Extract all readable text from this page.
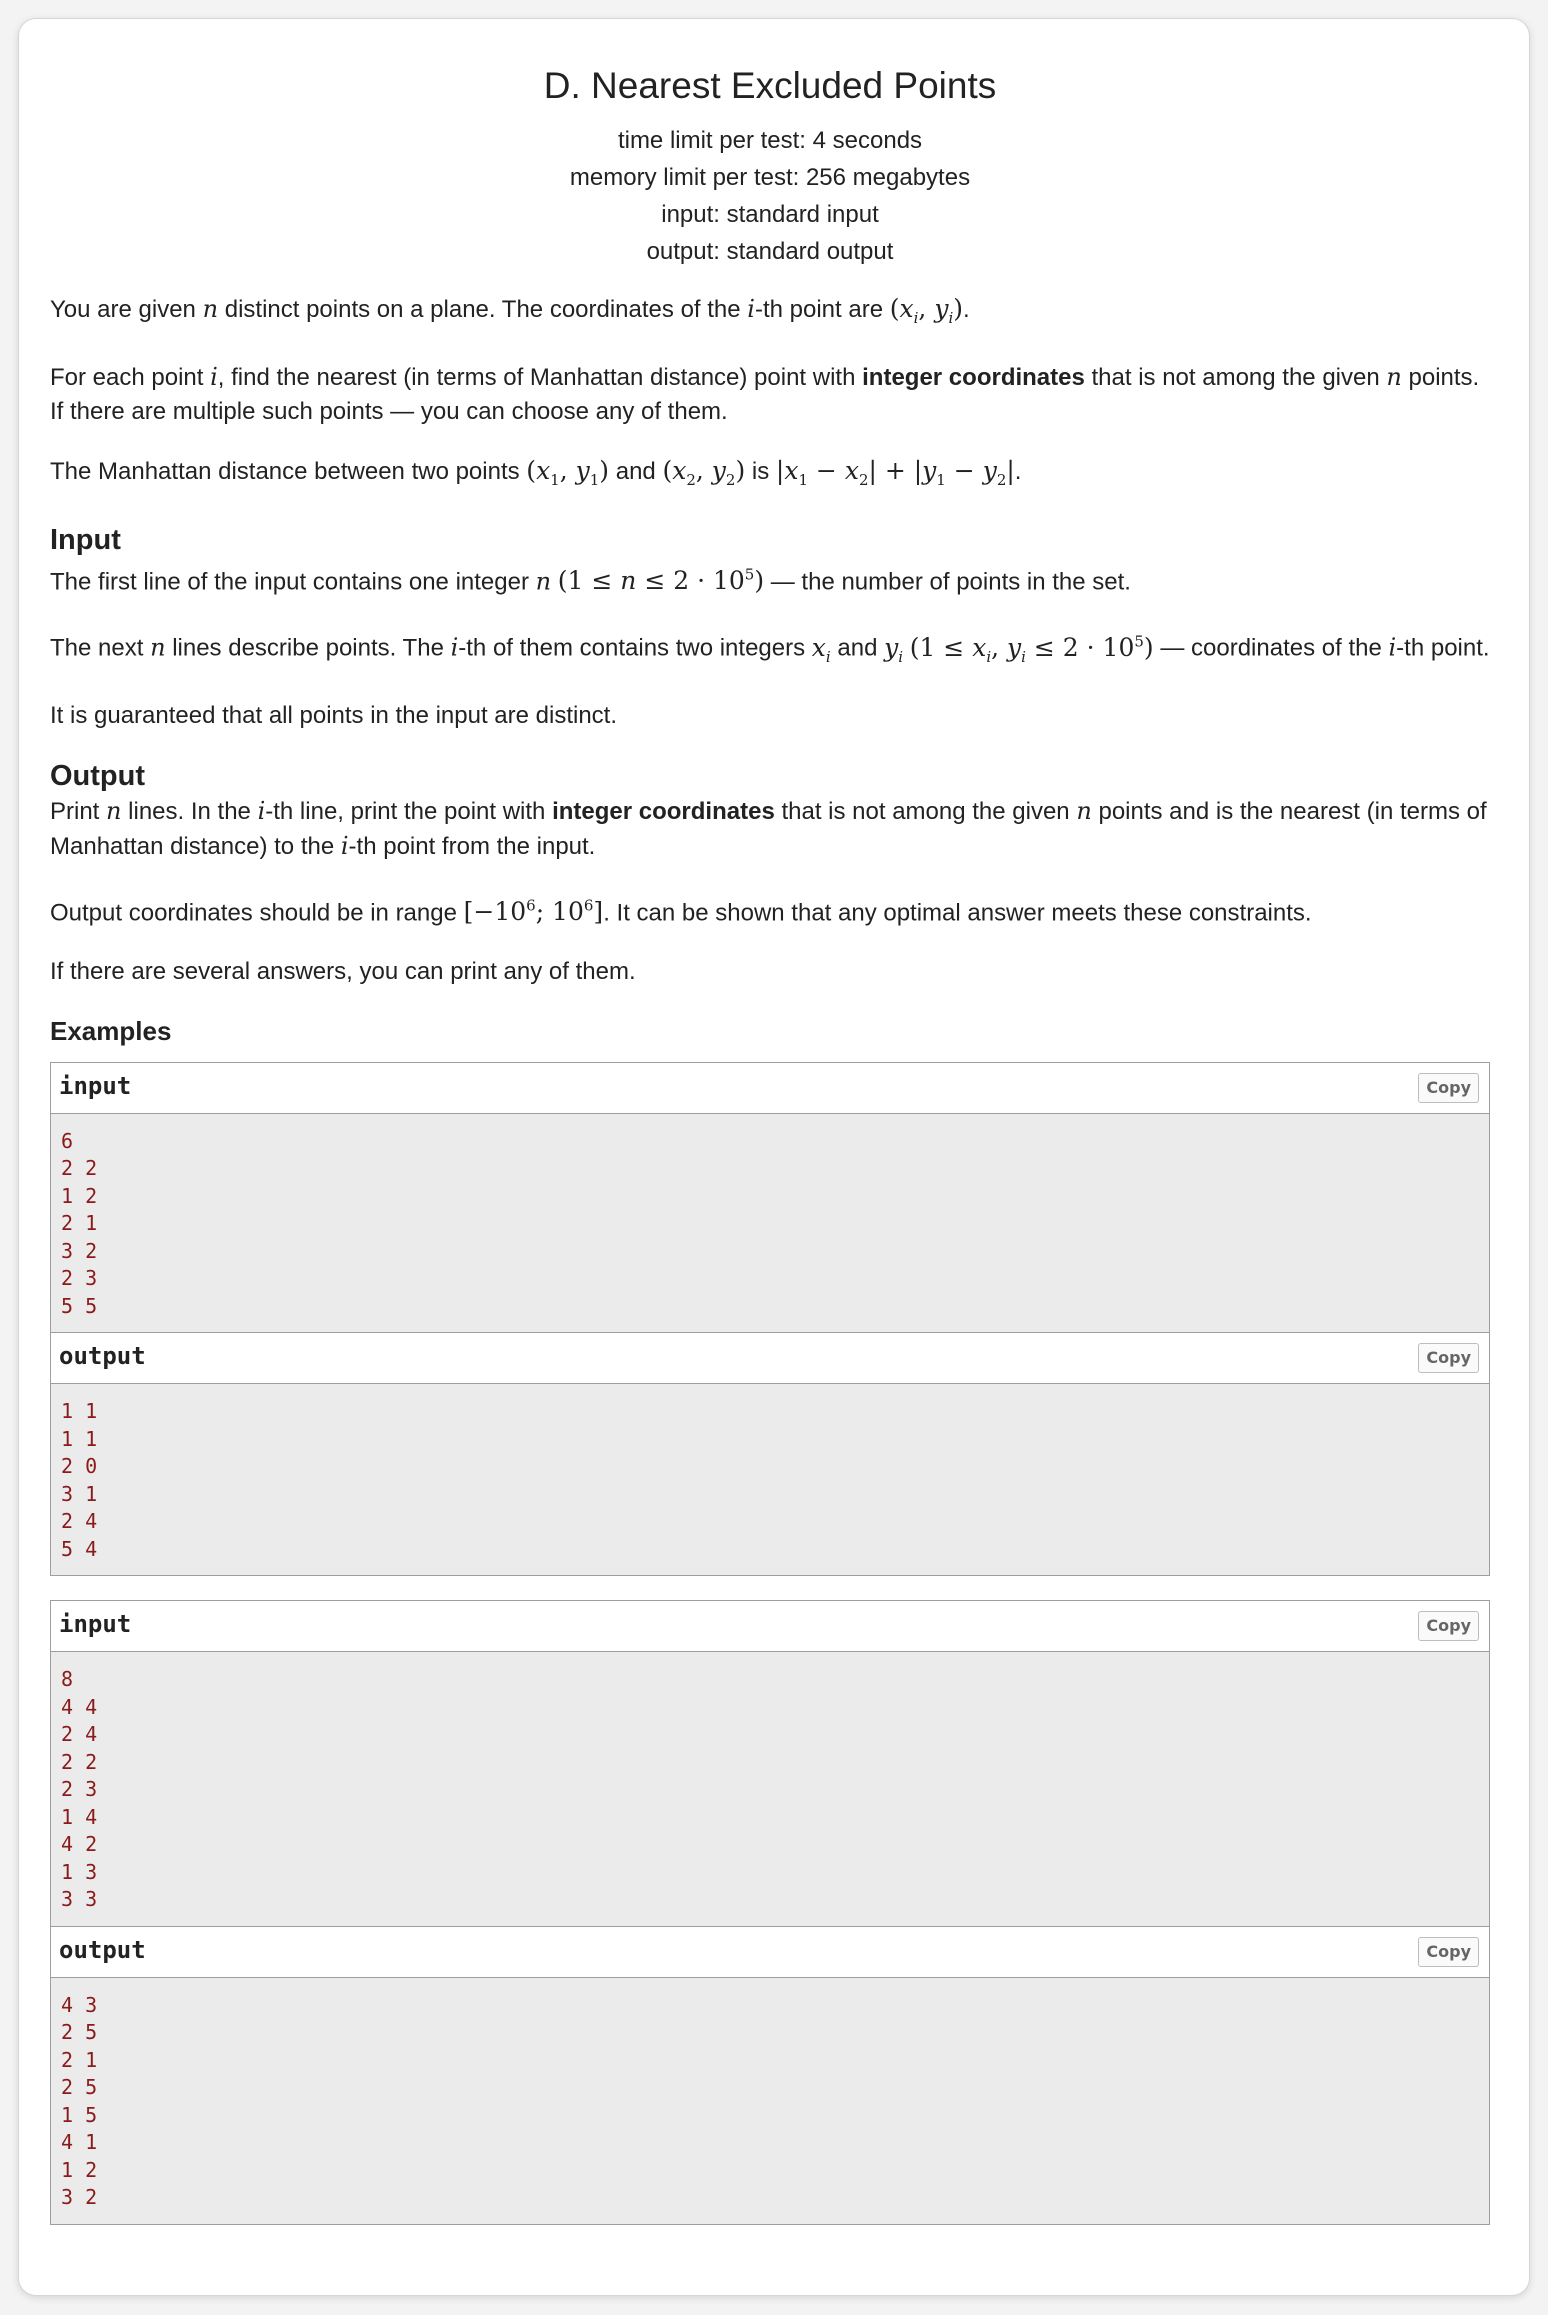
D. Nearest Excluded Points
time limit per test: 4 seconds
memory limit per test: 256 megabytes
input: standard input
output: standard output

You are given n distinct points on a plane. The coordinates of the i-th point are ($x_i$, $y_i$).

For each point i, find the nearest (in terms of Manhattan distance) point with integer coordinates that is not among the given n points. If there are multiple such points — you can choose any of them.

The Manhattan distance between two points ($x_1$, $y_1$) and ($x_2$, $y_2$) is $|x_1 - x_2| + |y_1 - y_2|$.

Input

The first line of the input contains one integer n $(1 \le n \le 2 \cdot 10^5)$ — the number of points in the set.

The next n lines describe points. The i-th of them contains two integers $x_i$ and $y_i$ ($1 \le x_i$, $y_i \le 2 \cdot 10^5$) — coordinates of the i-th point.

It is guaranteed that all points in the input are distinct.

Output

Print n lines. In the i-th line, print the point with integer coordinates that is not among the given n points and is the nearest (in terms of Manhattan distance) to the i-th point from the input.

Output coordinates should be in range [$-10^6$; $10^6$]. It can be shown that any optimal answer meets these constraints.

If there are several answers, you can print any of them.

Examples
input	Copy
6
2 2
1 2
2 1
3 2
2 3
5 5
output	Copy
1 1
1 1
2 0
3 1
2 4
5 4
input	Copy
8
4 4
2 4
2 2
2 3
1 4
4 2
1 3
3 3
output	Copy
4 3
2 5
2 1
2 5
1 5
4 1
1 2
3 2
